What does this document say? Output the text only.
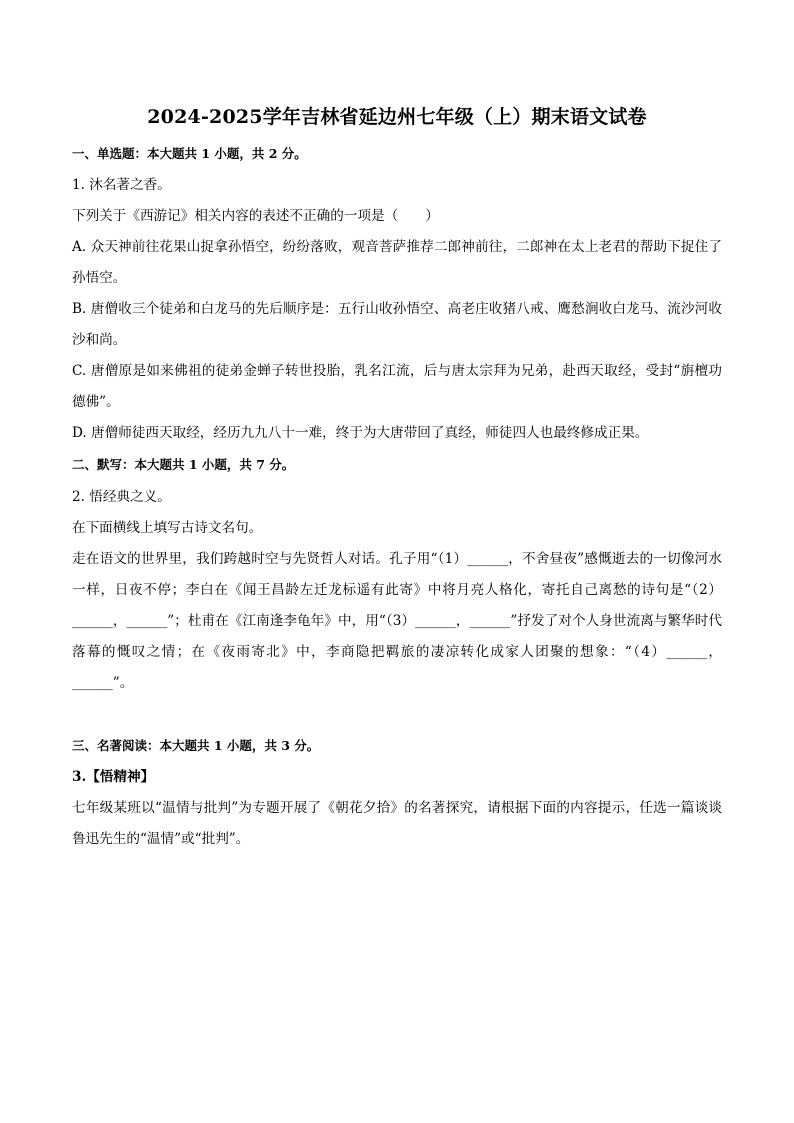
2024-2025学年吉林省延边州七年级（上）期末语文试卷
一、单选题：本大题共 1 小题，共 2 分。
1. 沐名著之香。
下列关于《西游记》相关内容的表述不正确的一项是（　　）
A. 众天神前往花果山捉拿孙悟空，纷纷落败，观音菩萨推荐二郎神前往，二郎神在太上老君的帮助下捉住了孙悟空。
B. 唐僧收三个徒弟和白龙马的先后顺序是：五行山收孙悟空、高老庄收猪八戒、鹰愁涧收白龙马、流沙河收沙和尚。
C. 唐僧原是如来佛祖的徒弟金蝉子转世投胎，乳名江流，后与唐太宗拜为兄弟，赴西天取经，受封“旃檀功德佛”。
D. 唐僧师徒西天取经，经历九九八十一难，终于为大唐带回了真经，师徒四人也最终修成正果。
二、默写：本大题共 1 小题，共 7 分。
2. 悟经典之义。
在下面横线上填写古诗文名句。
走在语文的世界里，我们跨越时空与先贤哲人对话。孔子用“（1）______，不舍昼夜”感慨逝去的一切像河水一样，日夜不停；李白在《闻王昌龄左迁龙标遥有此寄》中将月亮人格化，寄托自己离愁的诗句是“（2）______，______”；杜甫在《江南逢李龟年》中，用“（3）______，______”抒发了对个人身世流离与繁华时代落幕的慨叹之情；在《夜雨寄北》中，李商隐把羁旅的凄凉转化成家人团聚的想象：“（4）______，______”。
三、名著阅读：本大题共 1 小题，共 3 分。
3.【悟精神】
七年级某班以“温情与批判”为专题开展了《朝花夕拾》的名著探究，请根据下面的内容提示，任选一篇谈谈鲁迅先生的“温情”或“批判”。
